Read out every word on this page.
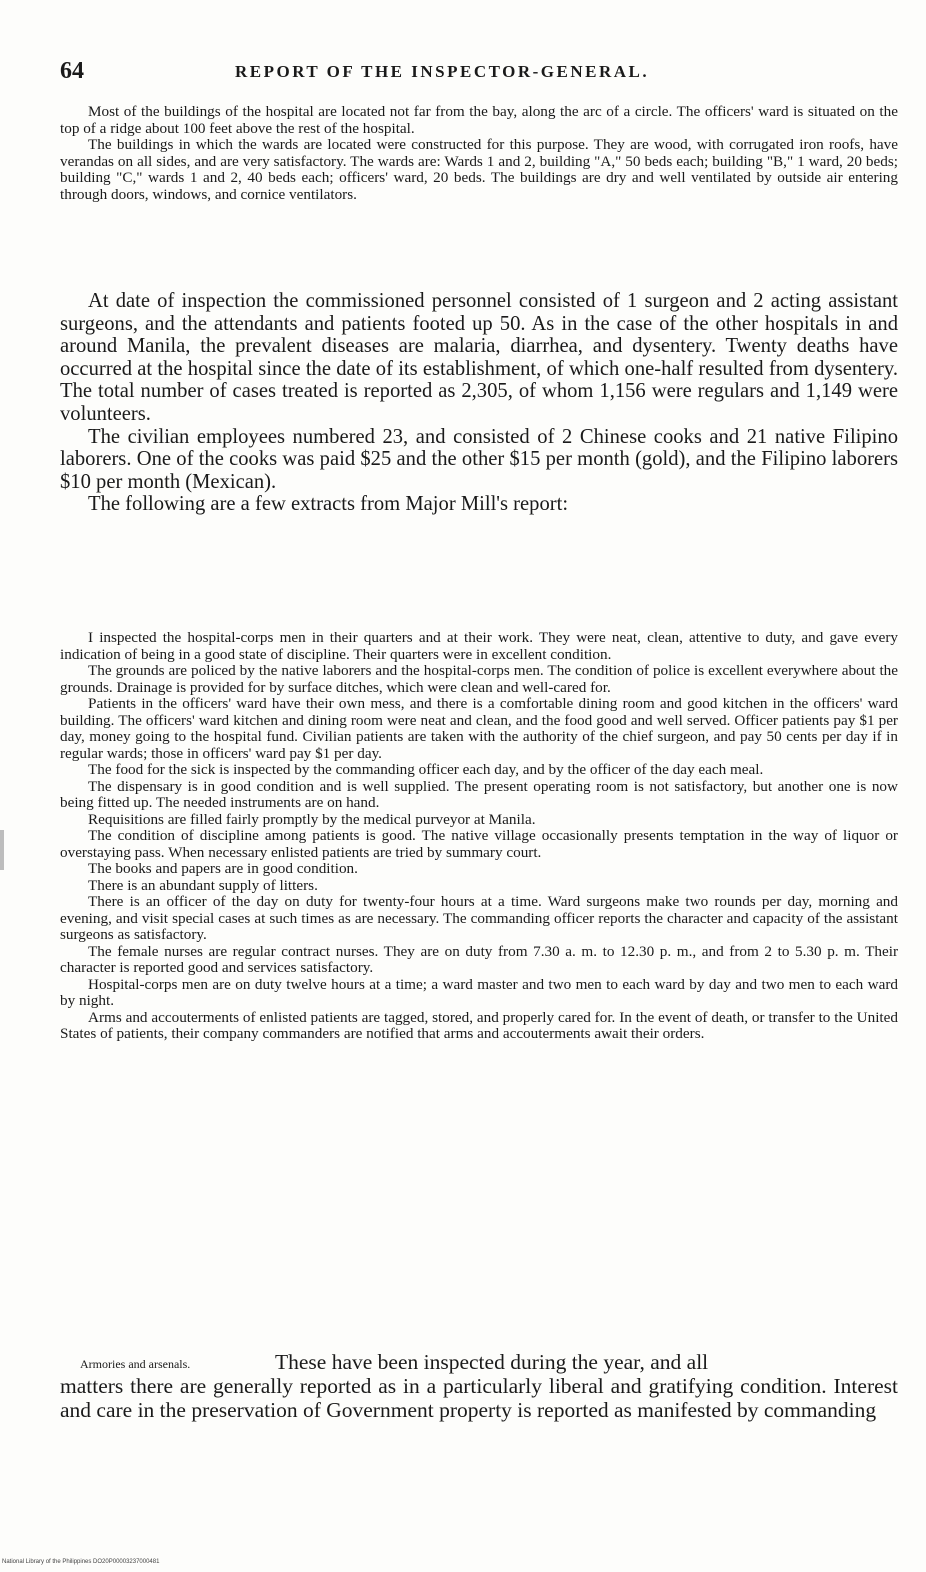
64	REPORT OF THE INSPECTOR-GENERAL.

Most of the buildings of the hospital are located not far from the bay, along the arc of a circle. The officers' ward is situated on the top of a ridge about 100 feet above the rest of the hospital.

The buildings in which the wards are located were constructed for this purpose. They are wood, with corrugated iron roofs, have verandas on all sides, and are very satisfactory. The wards are: Wards 1 and 2, building "A," 50 beds each; building "B," 1 ward, 20 beds; building "C," wards 1 and 2, 40 beds each; officers' ward, 20 beds. The buildings are dry and well ventilated by outside air entering through doors, windows, and cornice ventilators.

At date of inspection the commissioned personnel consisted of 1 surgeon and 2 acting assistant surgeons, and the attendants and patients footed up 50. As in the case of the other hospitals in and around Manila, the prevalent diseases are malaria, diarrhea, and dysentery. Twenty deaths have occurred at the hospital since the date of its establishment, of which one-half resulted from dysentery. The total number of cases treated is reported as 2,305, of whom 1,156 were regulars and 1,149 were volunteers.

The civilian employees numbered 23, and consisted of 2 Chinese cooks and 21 native Filipino laborers. One of the cooks was paid $25 and the other $15 per month (gold), and the Filipino laborers $10 per month (Mexican).

The following are a few extracts from Major Mill's report:

I inspected the hospital-corps men in their quarters and at their work. They were neat, clean, attentive to duty, and gave every indication of being in a good state of discipline. Their quarters were in excellent condition.

The grounds are policed by the native laborers and the hospital-corps men. The condition of police is excellent everywhere about the grounds. Drainage is provided for by surface ditches, which were clean and well-cared for.

Patients in the officers' ward have their own mess, and there is a comfortable dining room and good kitchen in the officers' ward building. The officers' ward kitchen and dining room were neat and clean, and the food good and well served. Officer patients pay $1 per day, money going to the hospital fund. Civilian patients are taken with the authority of the chief surgeon, and pay 50 cents per day if in regular wards; those in officers' ward pay $1 per day.

The food for the sick is inspected by the commanding officer each day, and by the officer of the day each meal.

The dispensary is in good condition and is well supplied. The present operating room is not satisfactory, but another one is now being fitted up. The needed instruments are on hand.

Requisitions are filled fairly promptly by the medical purveyor at Manila.

The condition of discipline among patients is good. The native village occasionally presents temptation in the way of liquor or overstaying pass. When necessary enlisted patients are tried by summary court.

The books and papers are in good condition.

There is an abundant supply of litters.

There is an officer of the day on duty for twenty-four hours at a time. Ward surgeons make two rounds per day, morning and evening, and visit special cases at such times as are necessary. The commanding officer reports the character and capacity of the assistant surgeons as satisfactory.

The female nurses are regular contract nurses. They are on duty from 7.30 a. m. to 12.30 p. m., and from 2 to 5.30 p. m. Their character is reported good and services satisfactory.

Hospital-corps men are on duty twelve hours at a time; a ward master and two men to each ward by day and two men to each ward by night.

Arms and accouterments of enlisted patients are tagged, stored, and properly cared for. In the event of death, or transfer to the United States of patients, their company commanders are notified that arms and accouterments await their orders.

Armories and arsenals.	These have been inspected during the year, and all
matters there are generally reported as in a particularly liberal and gratifying condition. Interest and care in the preservation of Government property is reported as manifested by commanding

National Library of the Philippines DO20P00003237000481
